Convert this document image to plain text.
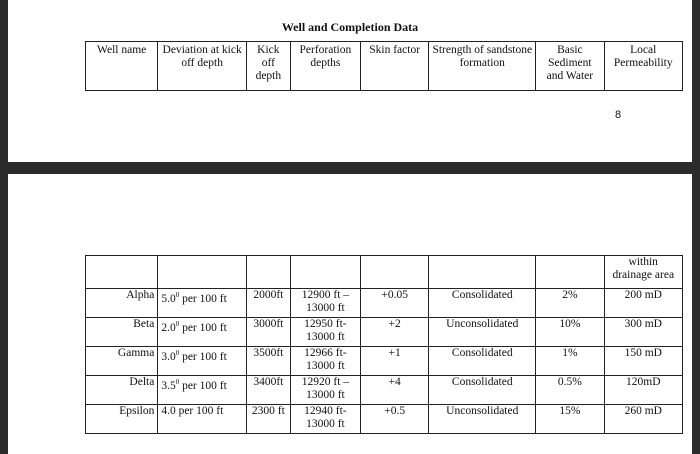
Well and Completion Data
Well name	Deviation at kick off depth	Kick off depth	Perforation depths	Skin factor	Strength of sandstone formation	Basic Sediment and Water	Local Permeability
8
							within drainage area
Alpha	$5.0^0$ per 100 ft	2000ft	12900 ft – 13000 ft	+0.05	Consolidated	2%	200 mD
Beta	$2.0^0$ per 100 ft	3000ft	12950 ft- 13000 ft	+2	Unconsolidated	10%	300 mD
Gamma	$3.0^0$ per 100 ft	3500ft	12966 ft- 13000 ft	+1	Consolidated	1%	150 mD
Delta	$3.5^0$ per 100 ft	3400ft	12920 ft – 13000 ft	+4	Consolidated	0.5%	120mD
Epsilon	4.0 per 100 ft	2300 ft	12940 ft- 13000 ft	+0.5	Unconsolidated	15%	260 mD
